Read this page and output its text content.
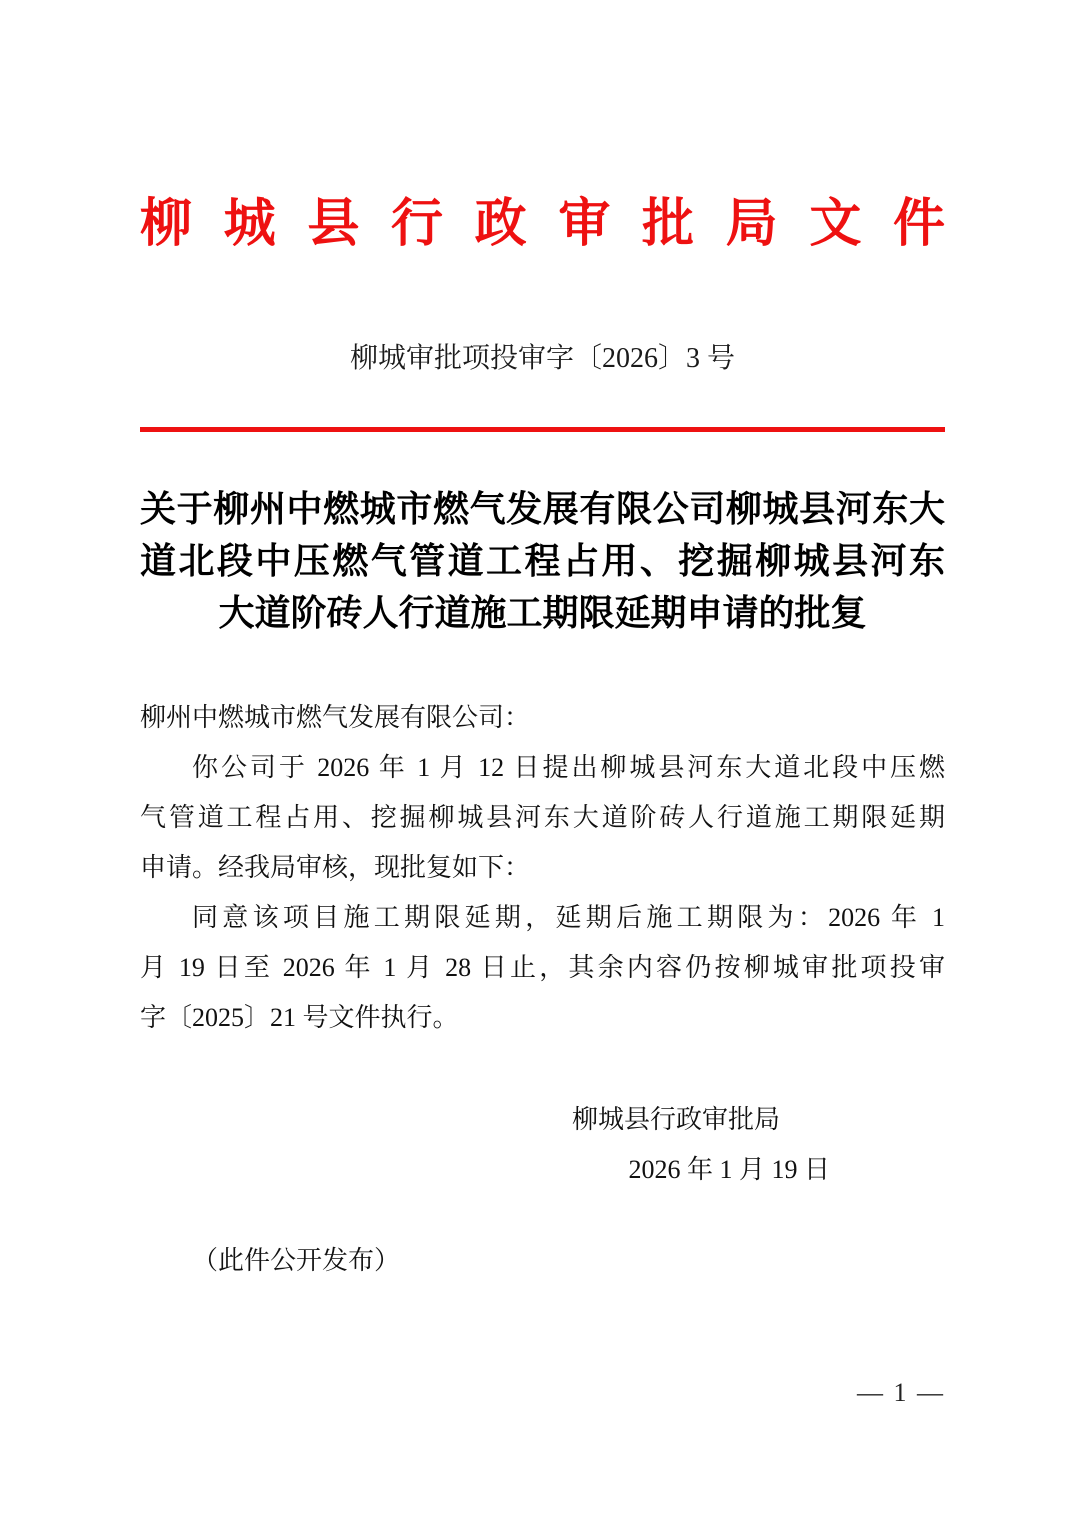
柳城县行政审批局文件
柳城审批项投审字〔2026〕3 号
关于柳州中燃城市燃气发展有限公司柳城县河东大
道北段中压燃气管道工程占用、挖掘柳城县河东
大道阶砖人行道施工期限延期申请的批复
柳州中燃城市燃气发展有限公司：
你公司于 2026 年 1 月 12 日提出柳城县河东大道北段中压燃
气管道工程占用、挖掘柳城县河东大道阶砖人行道施工期限延期
申请。经我局审核，现批复如下：
同意该项目施工期限延期，延期后施工期限为：2026 年 1
月 19 日至 2026 年 1 月 28 日止，其余内容仍按柳城审批项投审
字〔2025〕21 号文件执行。
柳城县行政审批局
2026 年 1 月 19 日
（此件公开发布）
— 1 —
